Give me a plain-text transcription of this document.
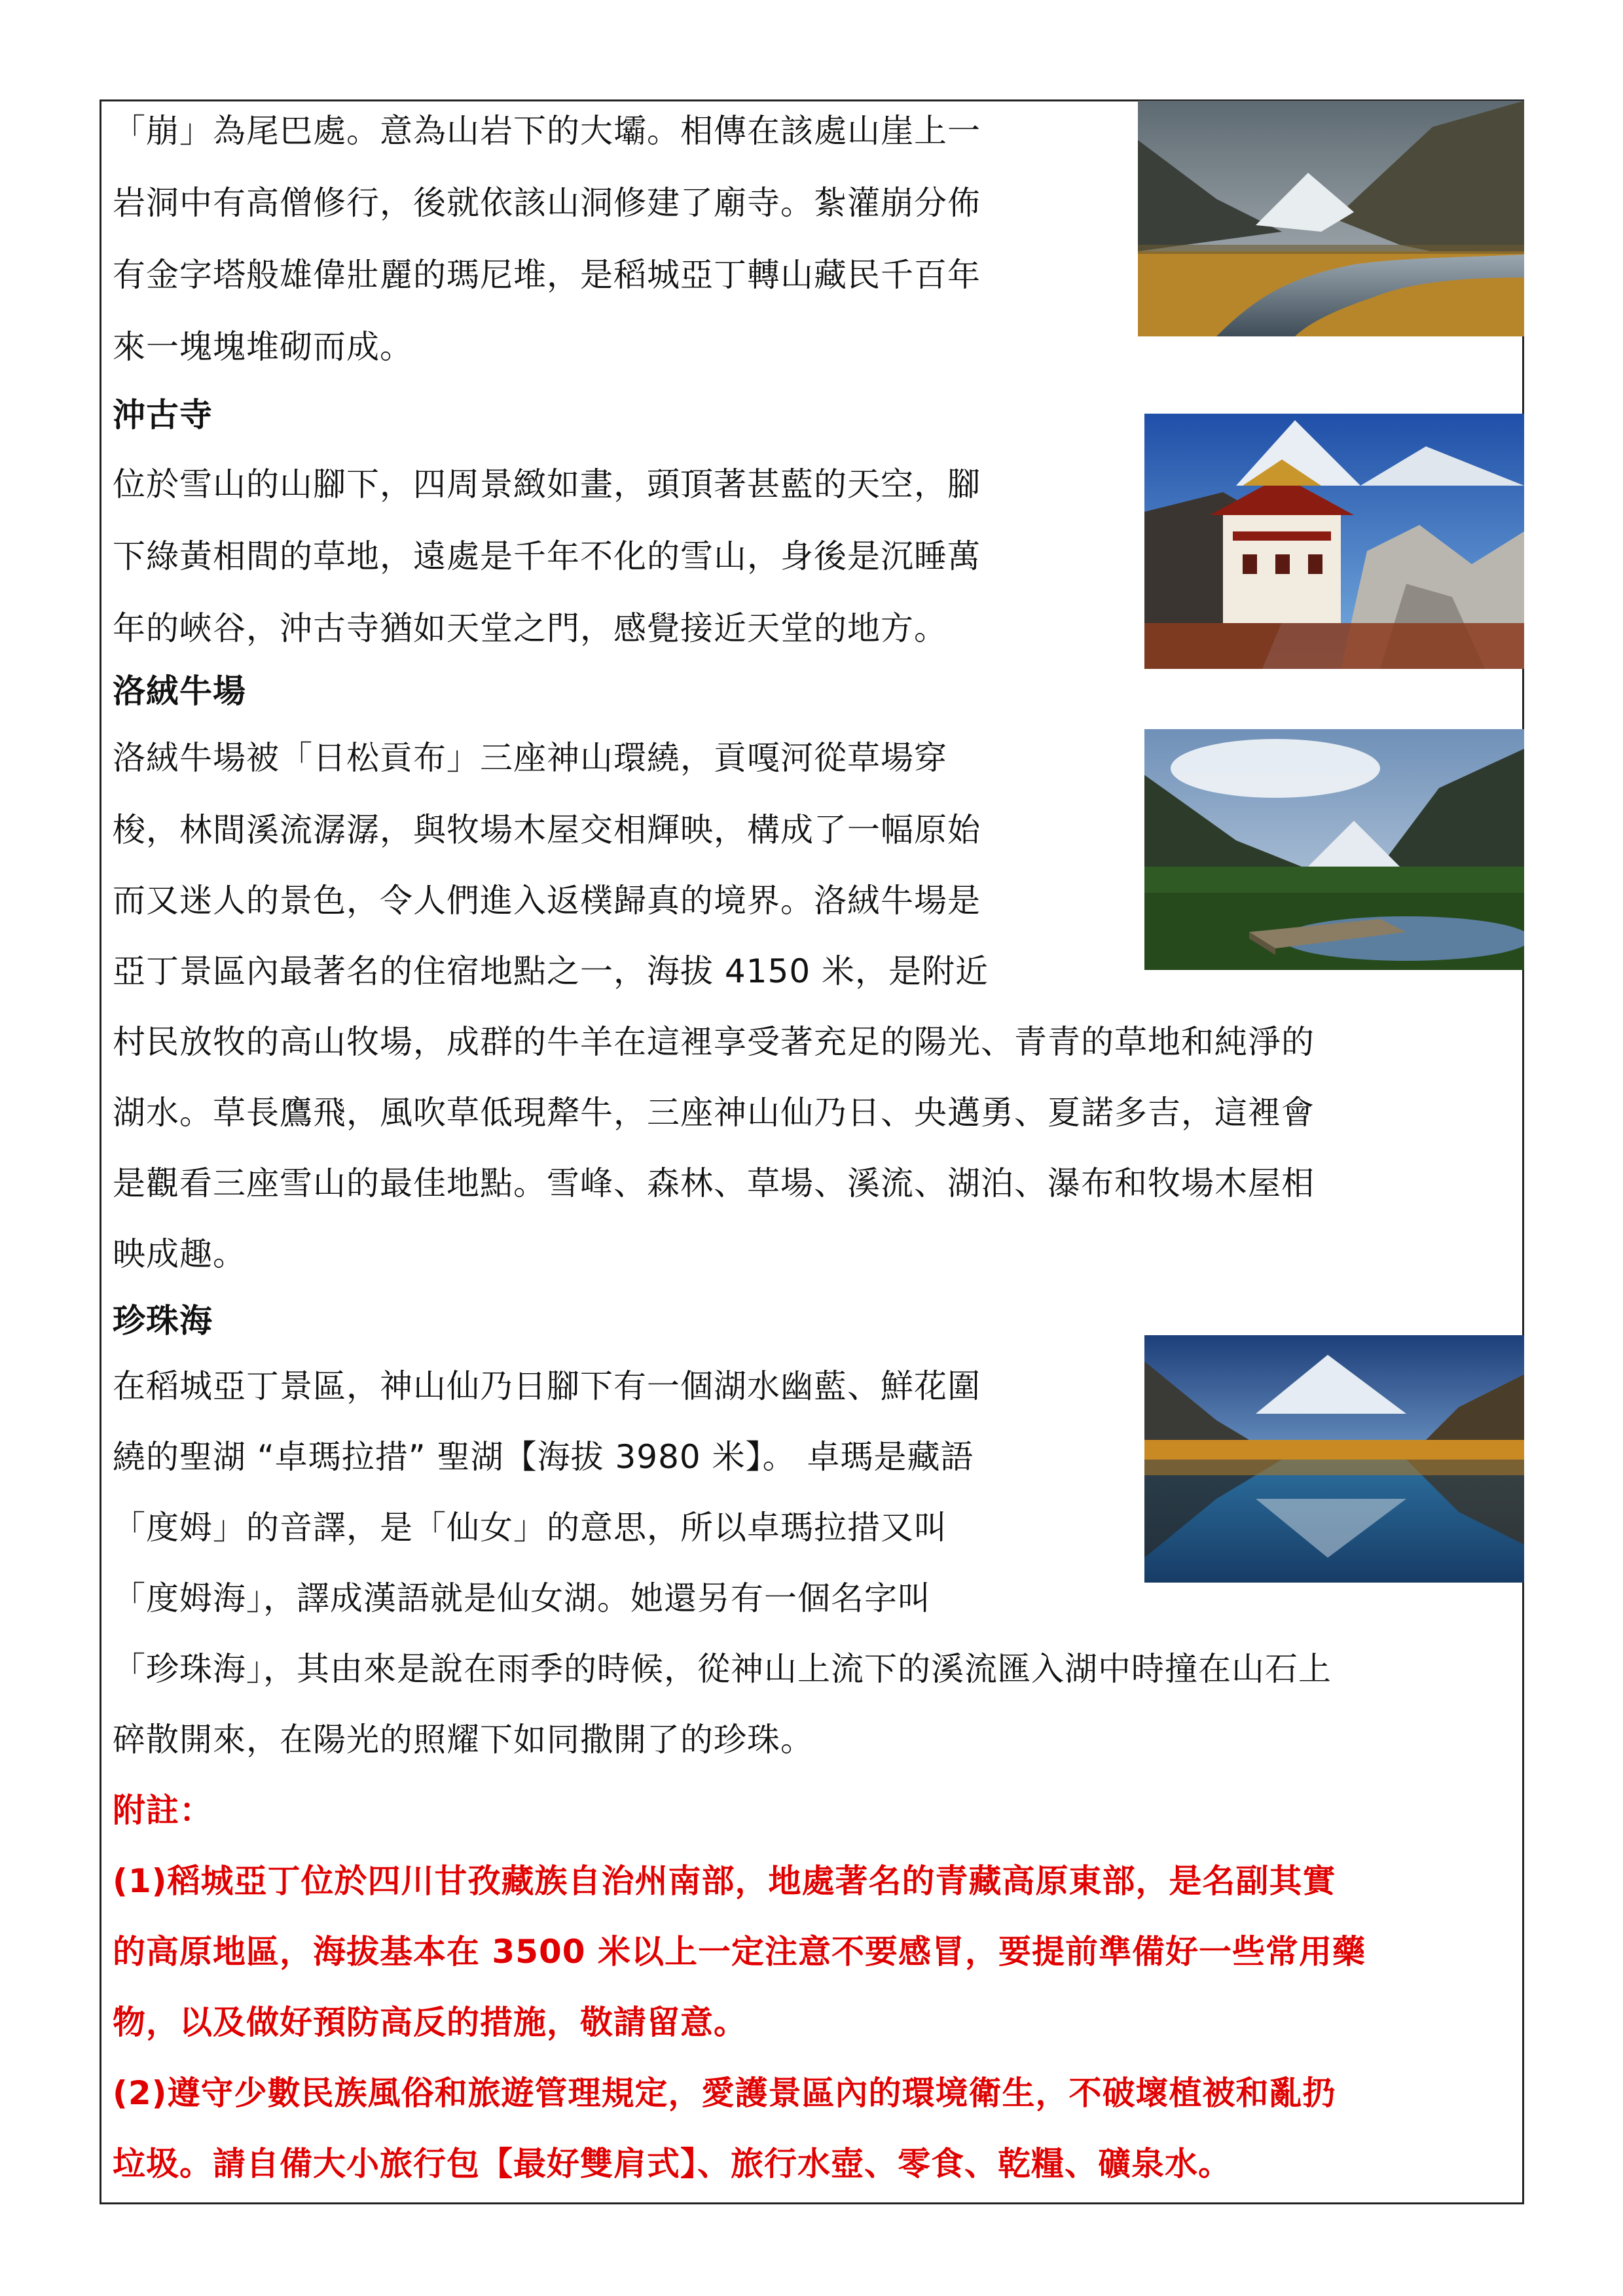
「崩」為尾巴處。意為山岩下的大壩。相傳在該處山崖上一
岩洞中有高僧修行，後就依該山洞修建了廟寺。紮灌崩分佈
有金字塔般雄偉壯麗的瑪尼堆，是稻城亞丁轉山藏民千百年
來一塊塊堆砌而成。
沖古寺
位於雪山的山腳下，四周景緻如畫，頭頂著甚藍的天空，腳
下綠黃相間的草地，遠處是千年不化的雪山，身後是沉睡萬
年的峽谷，沖古寺猶如天堂之門，感覺接近天堂的地方。
洛絨牛場
洛絨牛場被「日松貢布」三座神山環繞，貢嘎河從草場穿
梭，林間溪流潺潺，與牧場木屋交相輝映，構成了一幅原始
而又迷人的景色，令人們進入返樸歸真的境界。洛絨牛場是
亞丁景區內最著名的住宿地點之一，海拔 4150 米，是附近
村民放牧的高山牧場，成群的牛羊在這裡享受著充足的陽光、青青的草地和純淨的
湖水。草長鷹飛，風吹草低現犛牛，三座神山仙乃日、央邁勇、夏諾多吉，這裡會
是觀看三座雪山的最佳地點。雪峰、森林、草場、溪流、湖泊、瀑布和牧場木屋相
映成趣。
珍珠海
在稻城亞丁景區，神山仙乃日腳下有一個湖水幽藍、鮮花圍
繞的聖湖 “卓瑪拉措” 聖湖【海拔 3980 米】。 卓瑪是藏語
「度姆」的音譯，是「仙女」的意思，所以卓瑪拉措又叫
「度姆海」，譯成漢語就是仙女湖。她還另有一個名字叫
「珍珠海」，其由來是說在雨季的時候，從神山上流下的溪流匯入湖中時撞在山石上
碎散開來，在陽光的照耀下如同撒開了的珍珠。
附註：
(1)稻城亞丁位於四川甘孜藏族自治州南部，地處著名的青藏高原東部，是名副其實
的高原地區，海拔基本在 3500 米以上一定注意不要感冒，要提前準備好一些常用藥
物，以及做好預防高反的措施，敬請留意。
(2)遵守少數民族風俗和旅遊管理規定，愛護景區內的環境衛生，不破壞植被和亂扔
垃圾。請自備大小旅行包【最好雙肩式】、旅行水壺、零食、乾糧、礦泉水。
